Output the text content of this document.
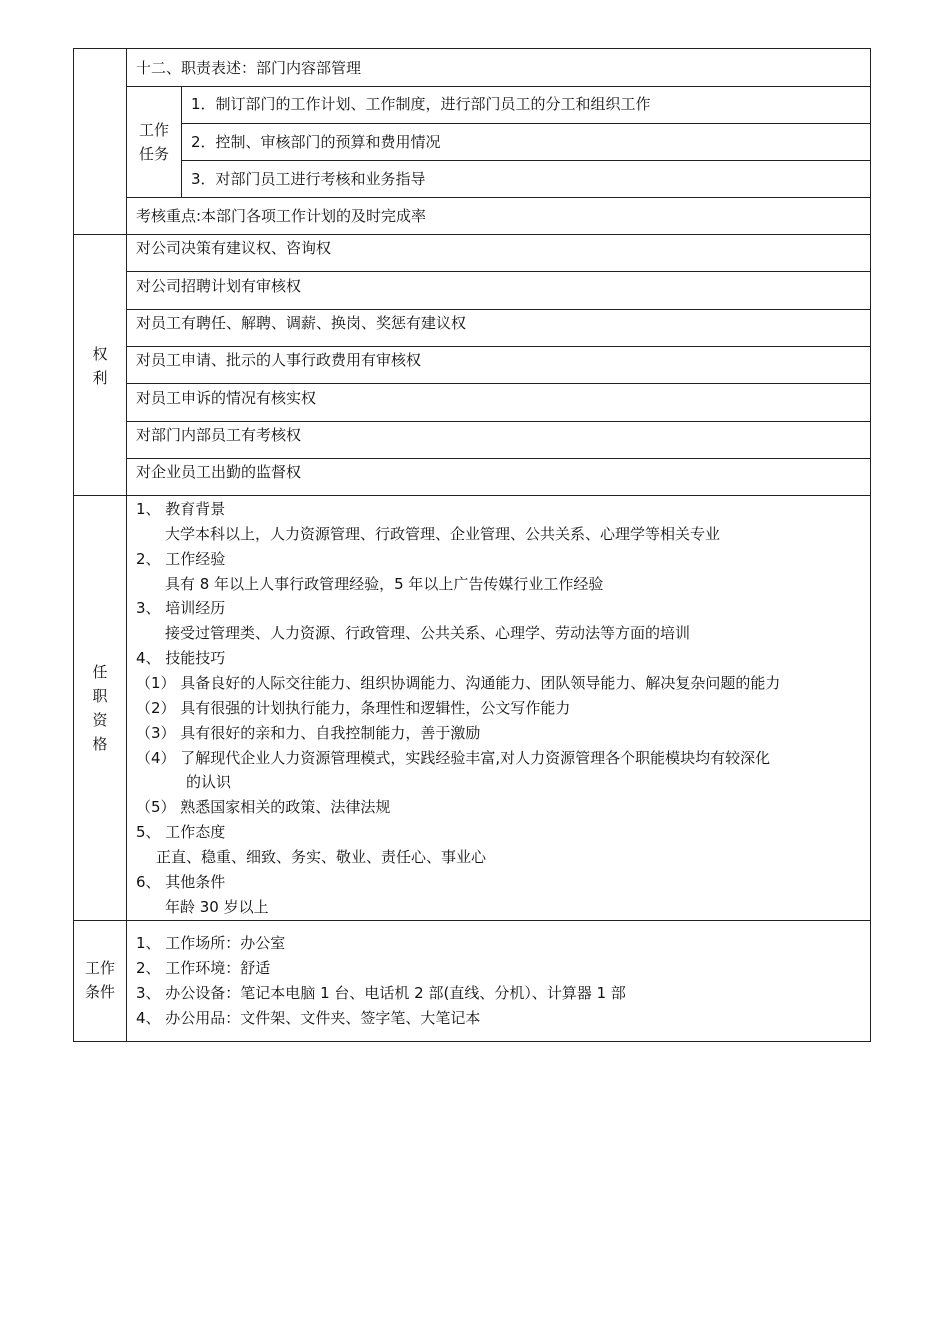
十二、职责表述：部门内容部管理
工作
任务
1．制订部门的工作计划、工作制度，进行部门员工的分工和组织工作
2．控制、审核部门的预算和费用情况
3．对部门员工进行考核和业务指导
考核重点:本部门各项工作计划的及时完成率
权
利
对公司决策有建议权、咨询权
对公司招聘计划有审核权
对员工有聘任、解聘、调薪、换岗、奖惩有建议权
对员工申请、批示的人事行政费用有审核权
对员工申诉的情况有核实权
对部门内部员工有考核权
对企业员工出勤的监督权
任
职
资
格
1、 教育背景
大学本科以上，人力资源管理、行政管理、企业管理、公共关系、心理学等相关专业
2、 工作经验
具有 8 年以上人事行政管理经验，5 年以上广告传媒行业工作经验
3、 培训经历
接受过管理类、人力资源、行政管理、公共关系、心理学、劳动法等方面的培训
4、 技能技巧
（1） 具备良好的人际交往能力、组织协调能力、沟通能力、团队领导能力、解决复杂问题的能力
（2） 具有很强的计划执行能力，条理性和逻辑性，公文写作能力
（3） 具有很好的亲和力、自我控制能力，善于激励
（4） 了解现代企业人力资源管理模式，实践经验丰富,对人力资源管理各个职能模块均有较深化
的认识
（5） 熟悉国家相关的政策、法律法规
5、 工作态度
正直、稳重、细致、务实、敬业、责任心、事业心
6、 其他条件
年龄 30 岁以上
工作
条件
1、 工作场所：办公室
2、 工作环境：舒适
3、 办公设备：笔记本电脑 1 台、电话机 2 部(直线、分机）、计算器 1 部
4、 办公用品：文件架、文件夹、签字笔、大笔记本
